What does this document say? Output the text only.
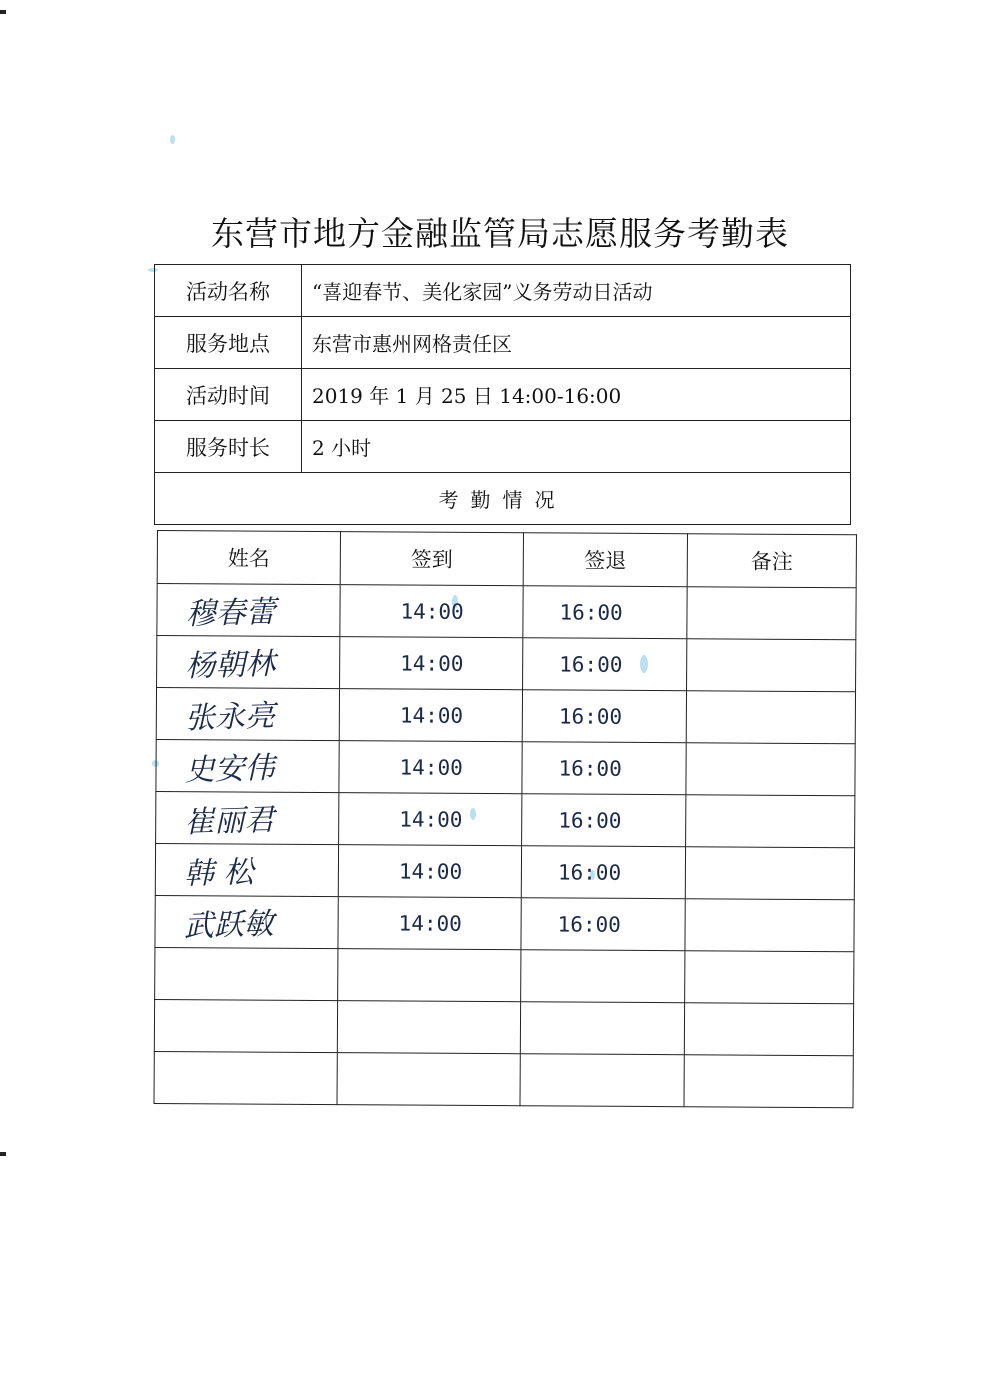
东营市地方金融监管局志愿服务考勤表
活动名称	“喜迎春节、美化家园”义务劳动日活动
服务地点	东营市惠州网格责任区
活动时间	2019 年 1 月 25 日 14:00-16:00
服务时长	2 小时
考勤情况	
姓名	签到	签退	备注
穆春蕾	14:00	16:00	
杨朝林	14:00	16:00	
张永亮	14:00	16:00	
史安伟	14:00	16:00	
崔丽君	14:00	16:00	
韩 松	14:00	16:00	
武跃敏	14:00	16:00	
